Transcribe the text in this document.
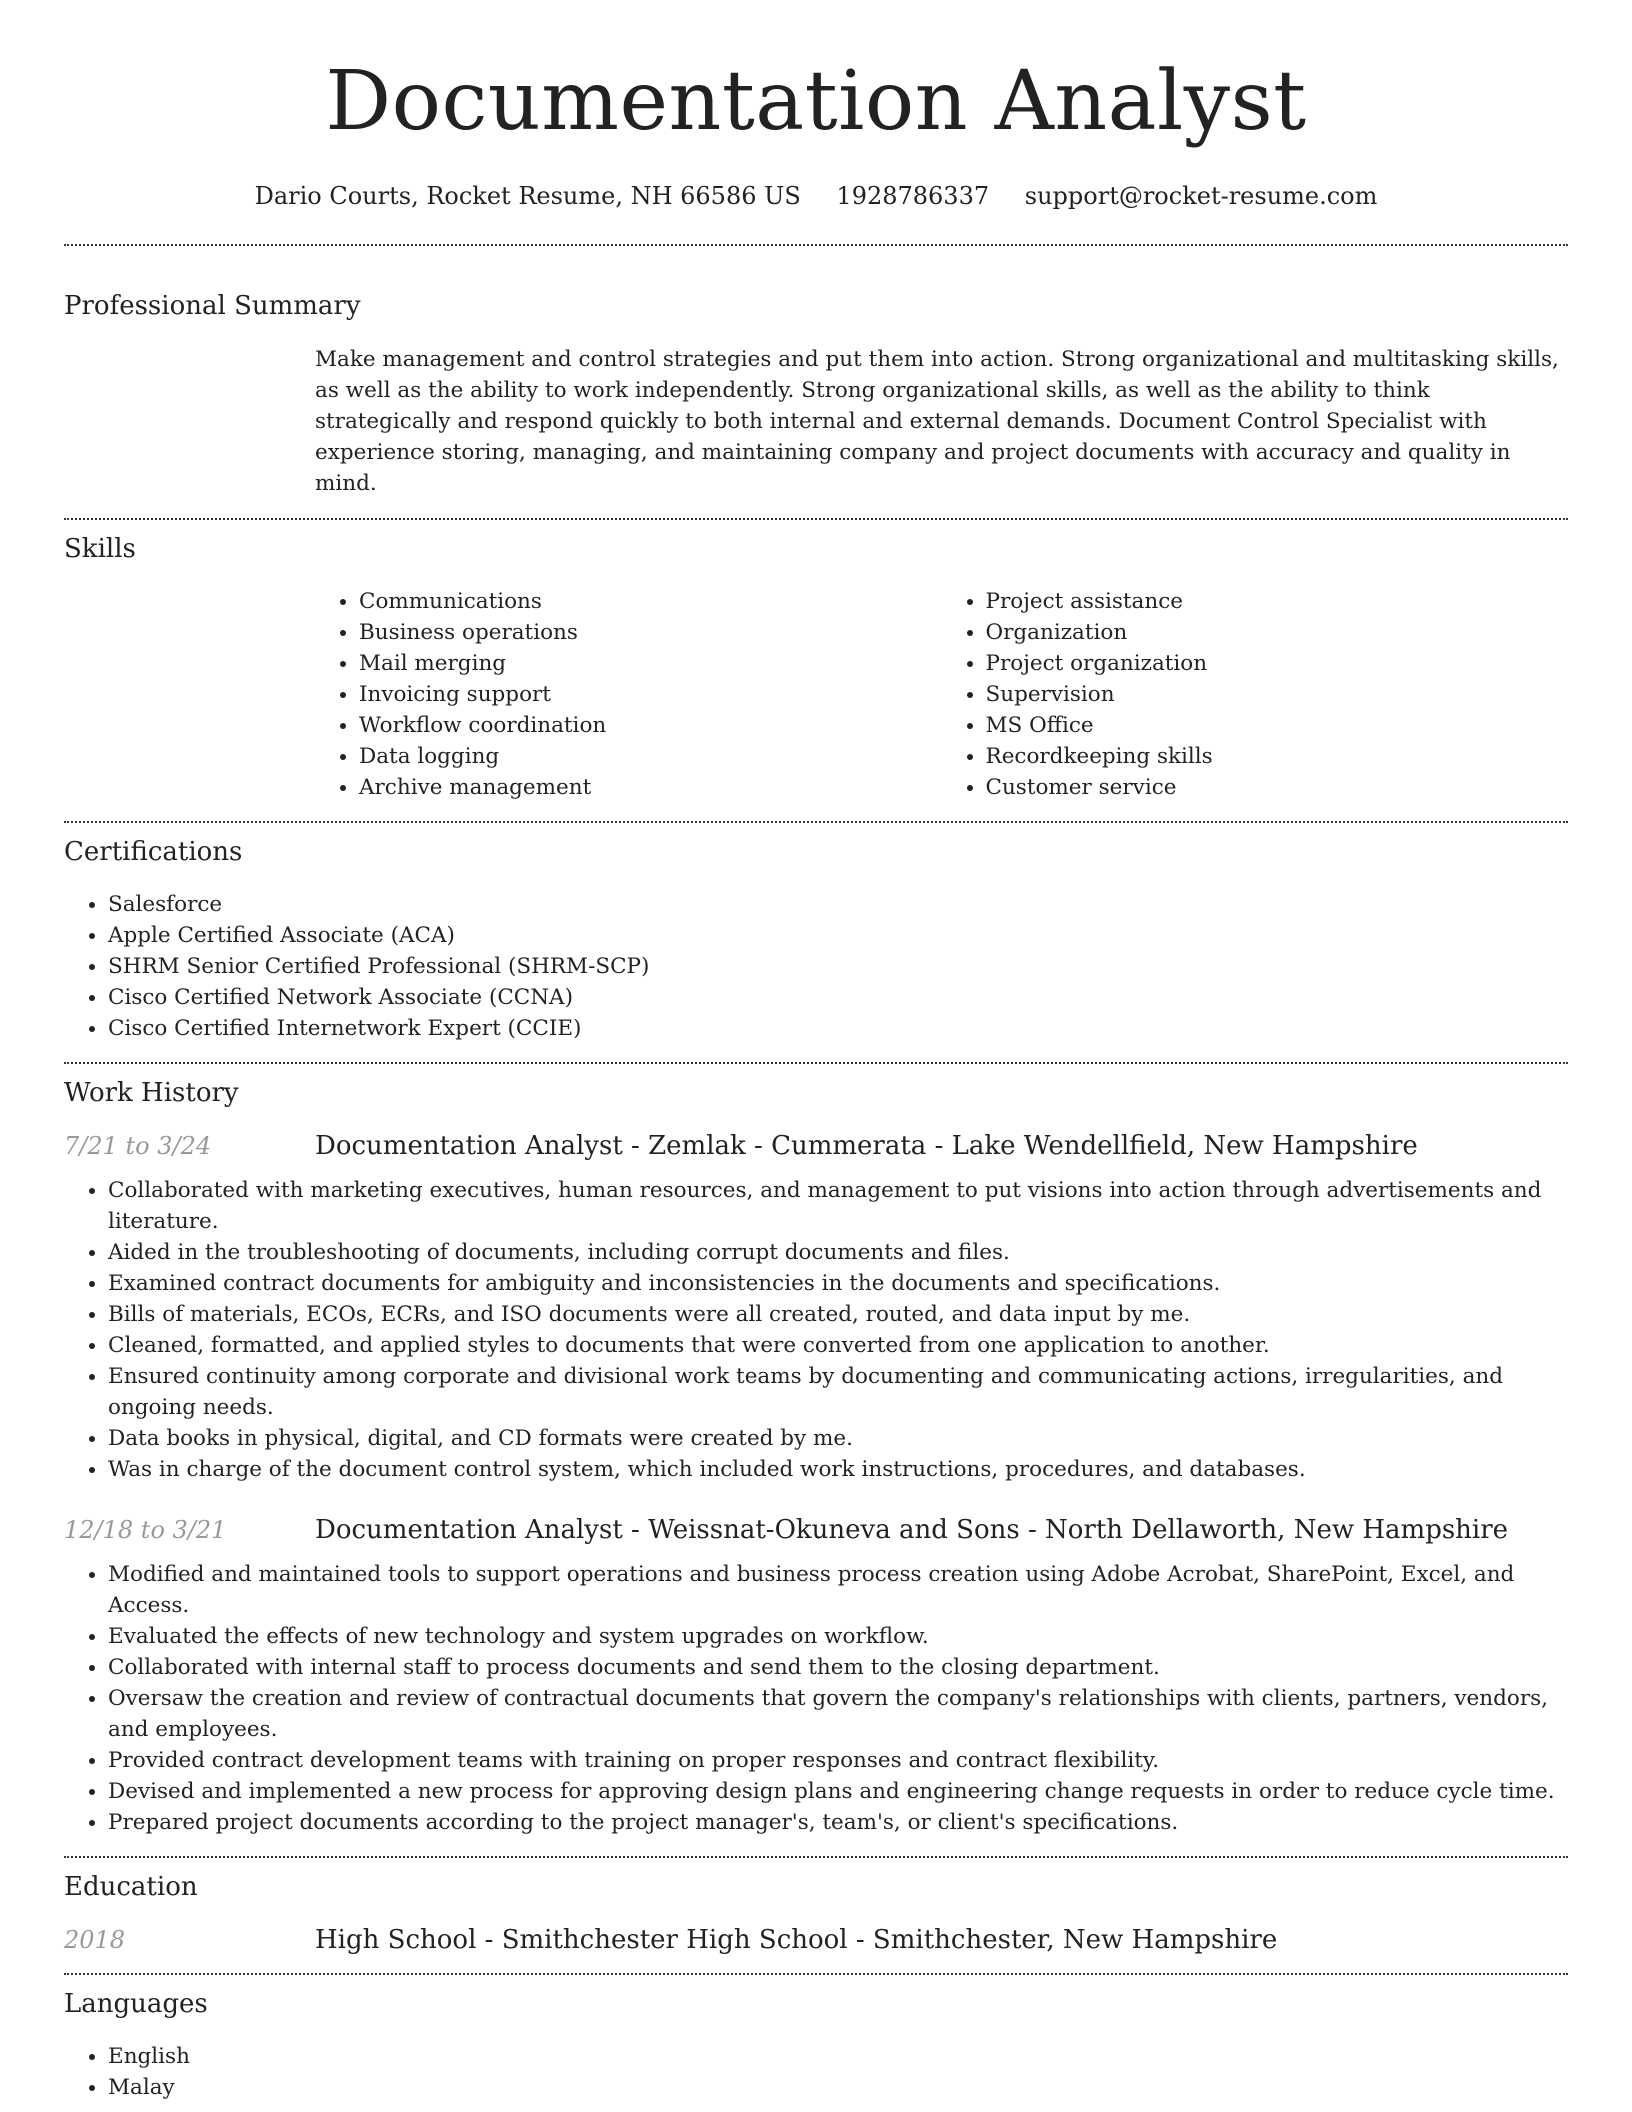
Documentation Analyst
Dario Courts, Rocket Resume, NH 66586 US 1928786337 support@rocket-resume.com
Professional Summary
Make management and control strategies and put them into action. Strong organizational and multitasking skills, as well as the ability to work independently. Strong organizational skills, as well as the ability to think strategically and respond quickly to both internal and external demands. Document Control Specialist with experience storing, managing, and maintaining company and project documents with accuracy and quality in mind.
Skills
• Communications
• Business operations
• Mail merging
• Invoicing support
• Workflow coordination
• Data logging
• Archive management
• Project assistance
• Organization
• Project organization
• Supervision
• MS Office
• Recordkeeping skills
• Customer service
Certifications
• Salesforce
• Apple Certified Associate (ACA)
• SHRM Senior Certified Professional (SHRM-SCP)
• Cisco Certified Network Associate (CCNA)
• Cisco Certified Internetwork Expert (CCIE)
Work History
7/21 to 3/24	Documentation Analyst - Zemlak - Cummerata - Lake Wendellfield, New Hampshire
• Collaborated with marketing executives, human resources, and management to put visions into action through advertisements and literature.
• Aided in the troubleshooting of documents, including corrupt documents and files.
• Examined contract documents for ambiguity and inconsistencies in the documents and specifications.
• Bills of materials, ECOs, ECRs, and ISO documents were all created, routed, and data input by me.
• Cleaned, formatted, and applied styles to documents that were converted from one application to another.
• Ensured continuity among corporate and divisional work teams by documenting and communicating actions, irregularities, and ongoing needs.
• Data books in physical, digital, and CD formats were created by me.
• Was in charge of the document control system, which included work instructions, procedures, and databases.
12/18 to 3/21	Documentation Analyst - Weissnat-Okuneva and Sons - North Dellaworth, New Hampshire
• Modified and maintained tools to support operations and business process creation using Adobe Acrobat, SharePoint, Excel, and Access.
• Evaluated the effects of new technology and system upgrades on workflow.
• Collaborated with internal staff to process documents and send them to the closing department.
• Oversaw the creation and review of contractual documents that govern the company's relationships with clients, partners, vendors, and employees.
• Provided contract development teams with training on proper responses and contract flexibility.
• Devised and implemented a new process for approving design plans and engineering change requests in order to reduce cycle time.
• Prepared project documents according to the project manager's, team's, or client's specifications.
Education
2018	High School - Smithchester High School - Smithchester, New Hampshire
Languages
• English
• Malay
